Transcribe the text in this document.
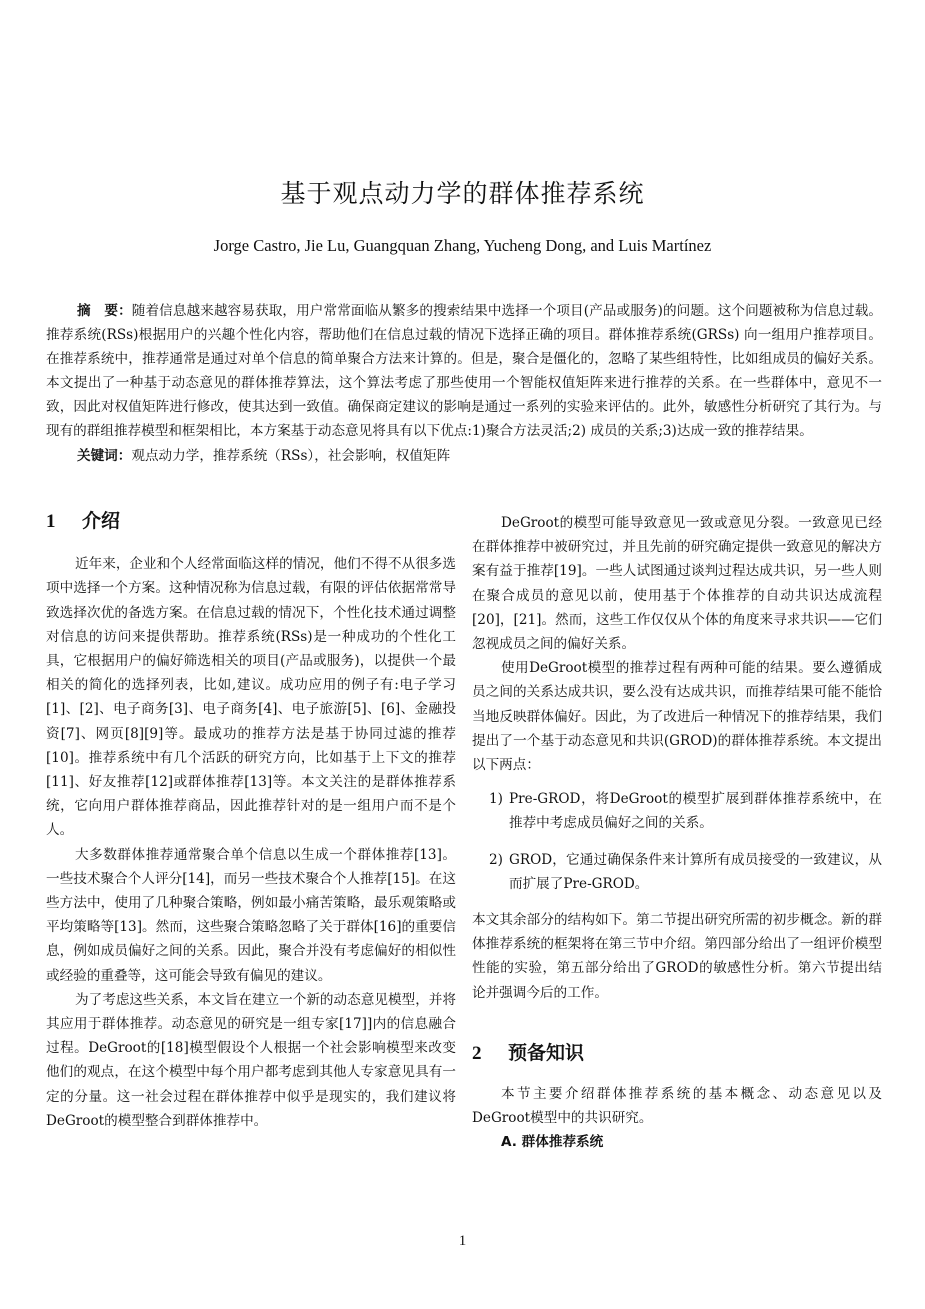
基于观点动力学的群体推荐系统
Jorge Castro, Jie Lu, Guangquan Zhang, Yucheng Dong, and Luis Martínez

摘　要：随着信息越来越容易获取，用户常常面临从繁多的搜索结果中选择一个项目(产品或服务)的问题。这个问题被称为信息过载。推荐系统(RSs)根据用户的兴趣个性化内容，帮助他们在信息过载的情况下选择正确的项目。群体推荐系统(GRSs) 向一组用户推荐项目。在推荐系统中，推荐通常是通过对单个信息的简单聚合方法来计算的。但是，聚合是僵化的，忽略了某些组特性，比如组成员的偏好关系。本文提出了一种基于动态意见的群体推荐算法，这个算法考虑了那些使用一个智能权值矩阵来进行推荐的关系。在一些群体中，意见不一致，因此对权值矩阵进行修改，使其达到一致值。确保商定建议的影响是通过一系列的实验来评估的。此外，敏感性分析研究了其行为。与现有的群组推荐模型和框架相比，本方案基于动态意见将具有以下优点:1)聚合方法灵活;2) 成员的关系;3)达成一致的推荐结果。

关键词：观点动力学，推荐系统（RSs），社会影响，权值矩阵

1 介绍

近年来，企业和个人经常面临这样的情况，他们不得不从很多选项中选择一个方案。这种情况称为信息过载，有限的评估依据常常导致选择次优的备选方案。在信息过载的情况下，个性化技术通过调整对信息的访问来提供帮助。推荐系统(RSs)是一种成功的个性化工具，它根据用户的偏好筛选相关的项目(产品或服务)，以提供一个最相关的简化的选择列表，比如,建议。成功应用的例子有:电子学习[1]、[2]、电子商务[3]、电子商务[4]、电子旅游[5]、[6]、金融投资[7]、网页[8][9]等。最成功的推荐方法是基于协同过滤的推荐[10]。推荐系统中有几个活跃的研究方向，比如基于上下文的推荐[11]、好友推荐[12]或群体推荐[13]等。本文关注的是群体推荐系统，它向用户群体推荐商品，因此推荐针对的是一组用户而不是个人。

大多数群体推荐通常聚合单个信息以生成一个群体推荐[13]。一些技术聚合个人评分[14]，而另一些技术聚合个人推荐[15]。在这些方法中，使用了几种聚合策略，例如最小痛苦策略，最乐观策略或平均策略等[13]。然而，这些聚合策略忽略了关于群体[16]的重要信息，例如成员偏好之间的关系。因此，聚合并没有考虑偏好的相似性或经验的重叠等，这可能会导致有偏见的建议。

为了考虑这些关系，本文旨在建立一个新的动态意见模型，并将其应用于群体推荐。动态意见的研究是一组专家[17]]内的信息融合过程。DeGroot的[18]模型假设个人根据一个社会影响模型来改变他们的观点，在这个模型中每个用户都考虑到其他人专家意见具有一定的分量。这一社会过程在群体推荐中似乎是现实的，我们建议将DeGroot的模型整合到群体推荐中。

DeGroot的模型可能导致意见一致或意见分裂。一致意见已经在群体推荐中被研究过，并且先前的研究确定提供一致意见的解决方案有益于推荐[19]。一些人试图通过谈判过程达成共识，另一些人则在聚合成员的意见以前，使用基于个体推荐的自动共识达成流程[20]，[21]。然而，这些工作仅仅从个体的角度来寻求共识——它们忽视成员之间的偏好关系。

使用DeGroot模型的推荐过程有两种可能的结果。要么遵循成员之间的关系达成共识，要么没有达成共识，而推荐结果可能不能恰当地反映群体偏好。因此，为了改进后一种情况下的推荐结果，我们提出了一个基于动态意见和共识(GROD)的群体推荐系统。本文提出以下两点：

1) Pre-GROD，将DeGroot的模型扩展到群体推荐系统中，在推荐中考虑成员偏好之间的关系。
2) GROD，它通过确保条件来计算所有成员接受的一致建议，从而扩展了Pre-GROD。

本文其余部分的结构如下。第二节提出研究所需的初步概念。新的群体推荐系统的框架将在第三节中介绍。第四部分给出了一组评价模型性能的实验，第五部分给出了GROD的敏感性分析。第六节提出结论并强调今后的工作。

2 预备知识

本节主要介绍群体推荐系统的基本概念、动态意见以及DeGroot模型中的共识研究。

A. 群体推荐系统
1
